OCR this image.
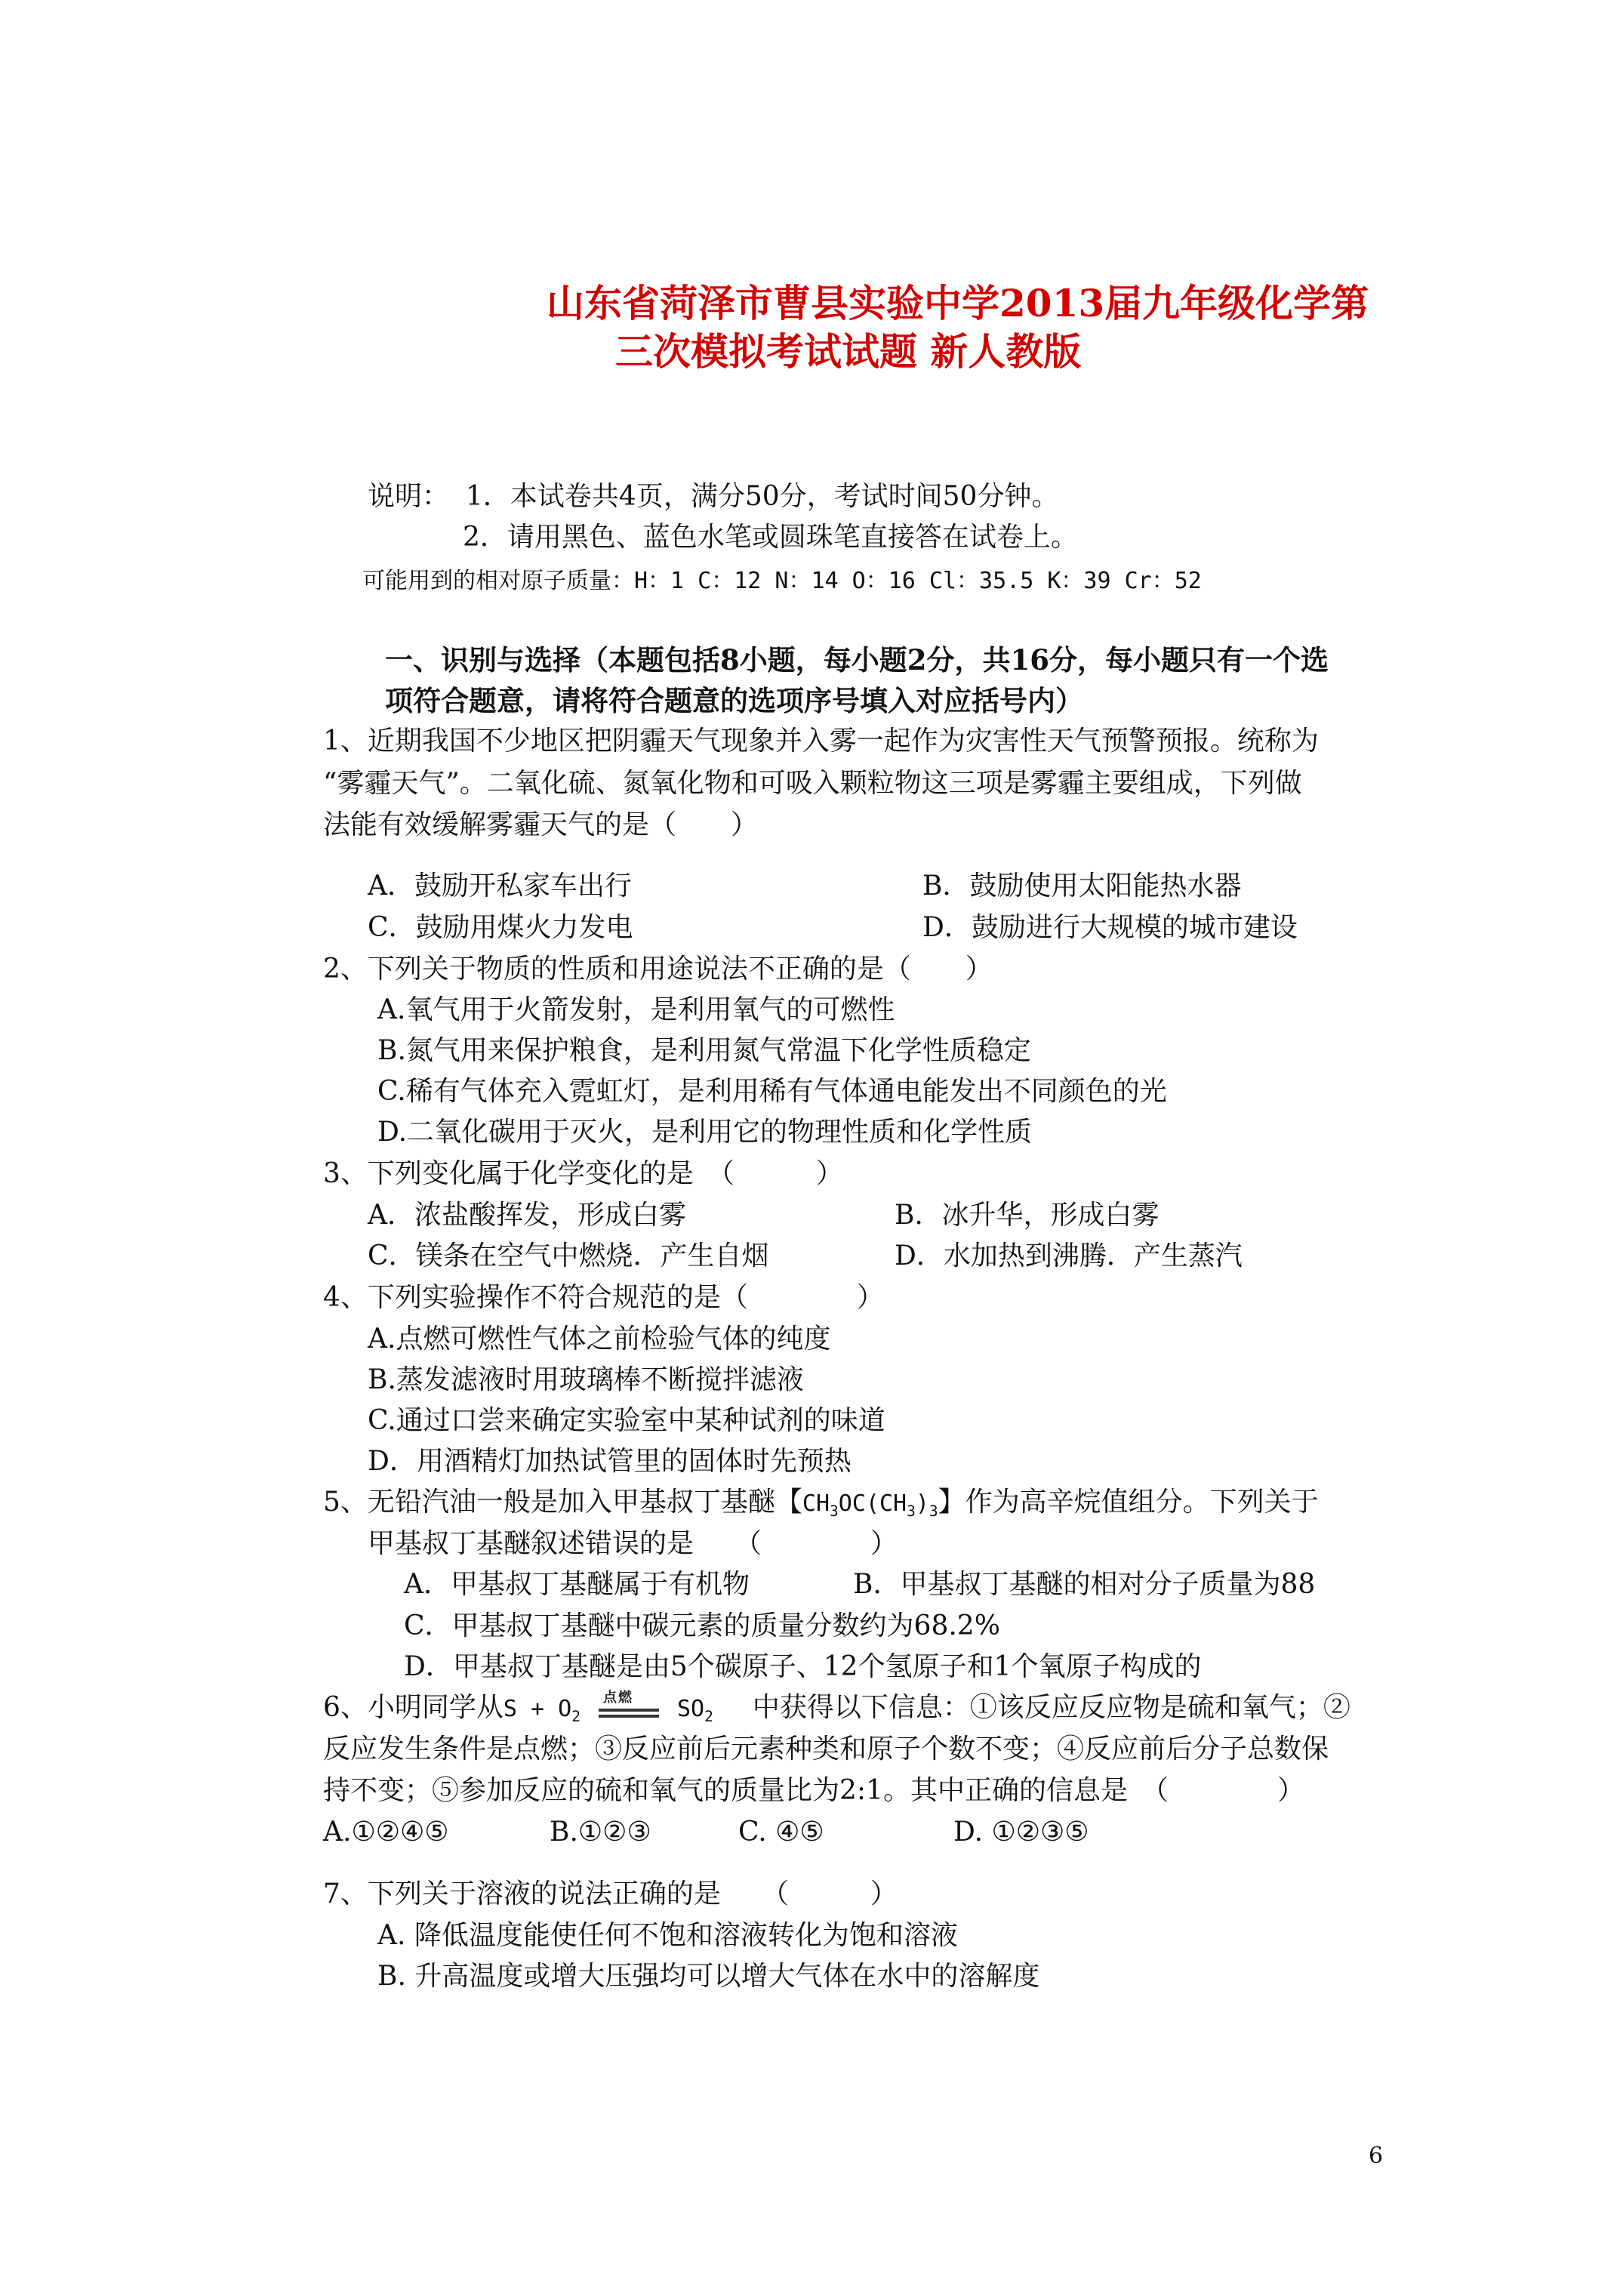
山东省菏泽市曹县实验中学2013届九年级化学第
三次模拟考试试题 新人教版
说明： 1．本试卷共4页，满分50分，考试时间50分钟。
2．请用黑色、蓝色水笔或圆珠笔直接答在试卷上。
可能用到的相对原子质量：H：1 C：12 N：14 O：16 Cl：35.5 K：39 Cr：52
一、识别与选择（本题包括8小题，每小题2分，共16分，每小题只有一个选
项符合题意，请将符合题意的选项序号填入对应括号内）
1、近期我国不少地区把阴霾天气现象并入雾一起作为灾害性天气预警预报。统称为
“雾霾天气”。二氧化硫、氮氧化物和可吸入颗粒物这三项是雾霾主要组成，下列做
法能有效缓解雾霾天气的是（　　）
A．鼓励开私家车出行	B．鼓励使用太阳能热水器
C．鼓励用煤火力发电	D．鼓励进行大规模的城市建设
2、下列关于物质的性质和用途说法不正确的是（　　）
A.氧气用于火箭发射，是利用氧气的可燃性
B.氮气用来保护粮食，是利用氮气常温下化学性质稳定
C.稀有气体充入霓虹灯，是利用稀有气体通电能发出不同颜色的光
D.二氧化碳用于灭火，是利用它的物理性质和化学性质
3、下列变化属于化学变化的是　（　　　）
A．浓盐酸挥发，形成白雾	B．冰升华，形成白雾
C．镁条在空气中燃烧．产生自烟	D．水加热到沸腾．产生蒸汽
4、下列实验操作不符合规范的是（　　　　）
A.点燃可燃性气体之前检验气体的纯度
B.蒸发滤液时用玻璃棒不断搅拌滤液
C.通过口尝来确定实验室中某种试剂的味道
D．用酒精灯加热试管里的固体时先预热
5、无铅汽油一般是加入甲基叔丁基醚【$CH_3OC(CH_3)_3$】作为高辛烷值组分。下列关于
甲基叔丁基醚叙述错误的是　　（　　　　）
A．甲基叔丁基醚属于有机物	B．甲基叔丁基醚的相对分子质量为88
C．甲基叔丁基醚中碳元素的质量分数约为68.2%
D．甲基叔丁基醚是由5个碳原子、12个氢原子和1个氧原子构成的
6、小明同学从$S + O_2$
点燃 $SO_2$ 中获得以下信息：①该反应反应物是硫和氧气；②
反应发生条件是点燃；③反应前后元素种类和原子个数不变；④反应前后分子总数保
持不变；⑤参加反应的硫和氧气的质量比为2:1。其中正确的信息是　（　　　　）
A.①②④⑤	B.①②③	C. ④⑤	D. ①②③⑤
7、下列关于溶液的说法正确的是　　（　　　）
A. 降低温度能使任何不饱和溶液转化为饱和溶液
B. 升高温度或增大压强均可以增大气体在水中的溶解度
6
